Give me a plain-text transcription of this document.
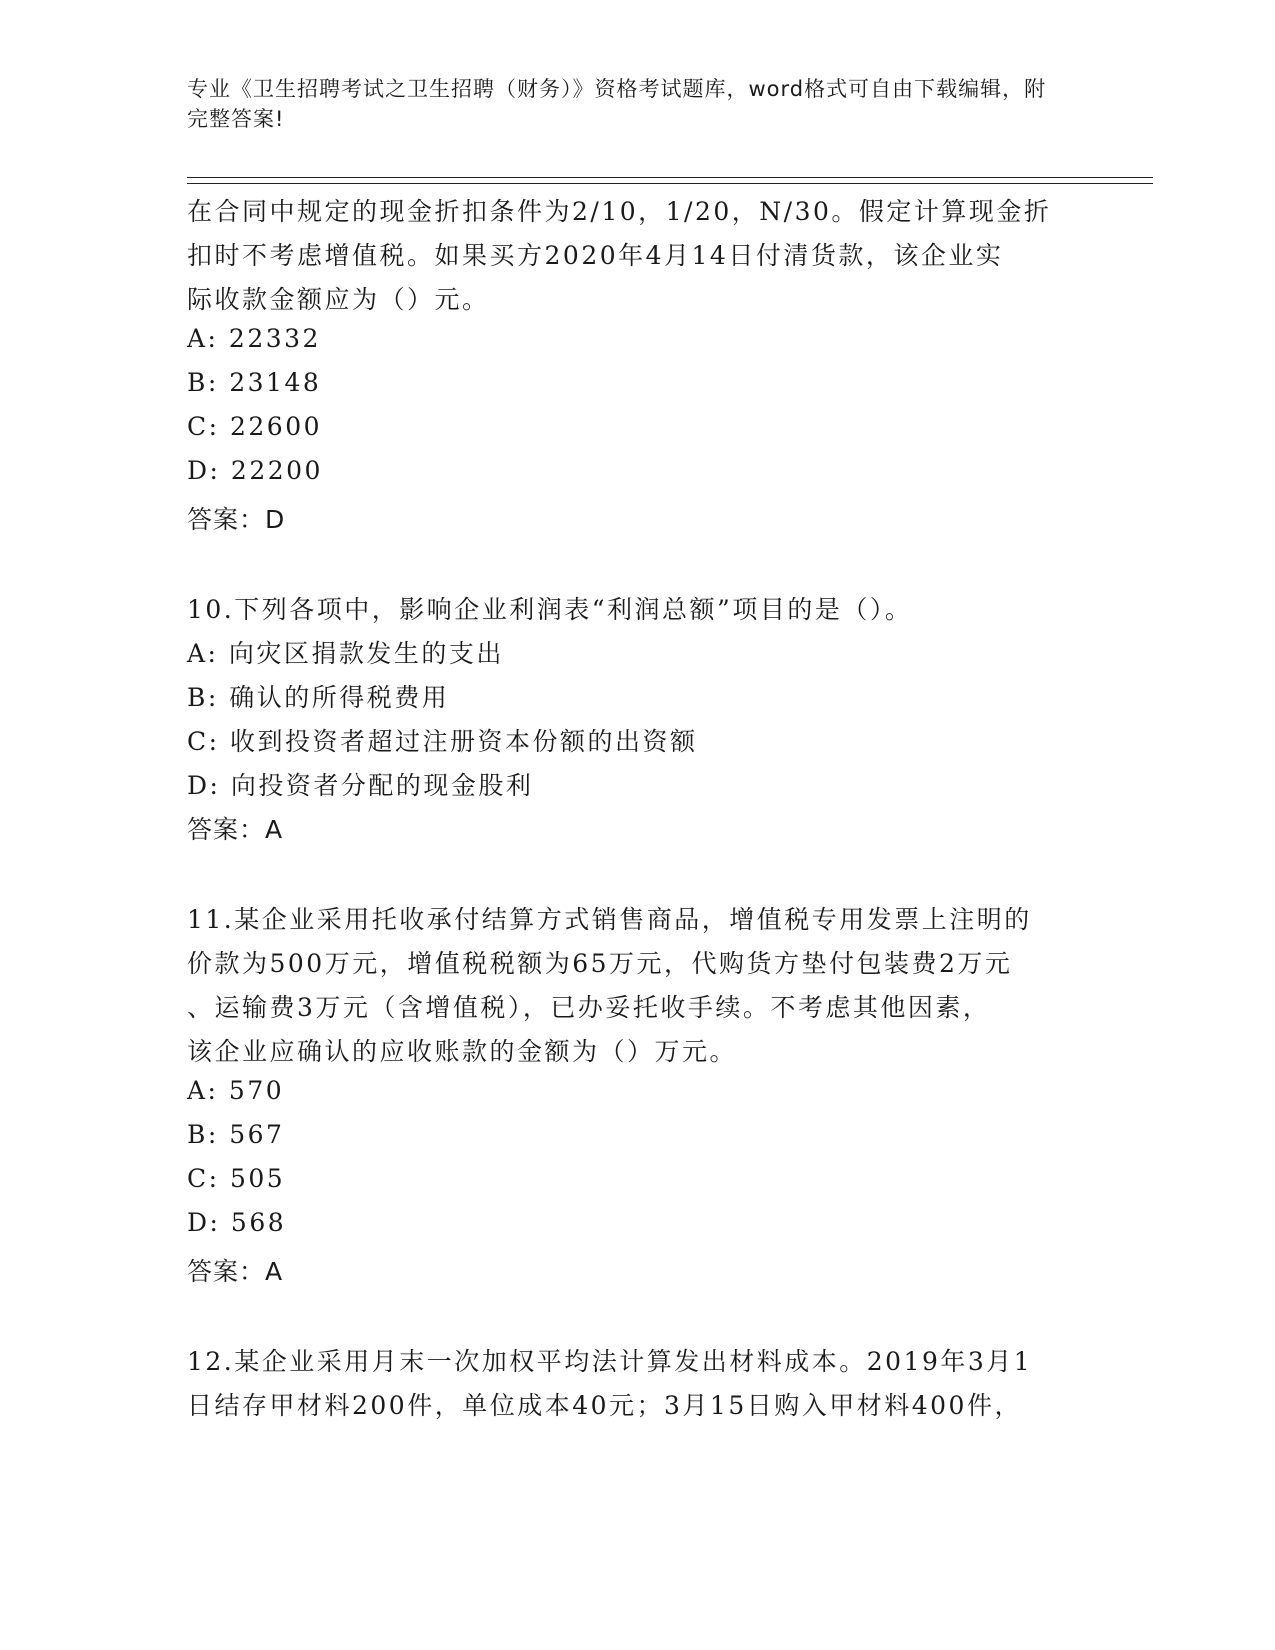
专业《卫生招聘考试之卫生招聘（财务）》资格考试题库，word格式可自由下载编辑，附完整答案!
在合同中规定的现金折扣条件为2/10，1/20，N/30。假定计算现金折
扣时不考虑增值税。如果买方2020年4月14日付清货款，该企业实
际收款金额应为（）元。
A: 22332
B: 23148
C: 22600
D: 22200
答案：D
10.下列各项中，影响企业利润表“利润总额”项目的是（）。
A: 向灾区捐款发生的支出
B: 确认的所得税费用
C: 收到投资者超过注册资本份额的出资额
D: 向投资者分配的现金股利
答案：A
11.某企业采用托收承付结算方式销售商品，增值税专用发票上注明的
价款为500万元，增值税税额为65万元，代购货方垫付包装费2万元
、运输费3万元（含增值税），已办妥托收手续。不考虑其他因素，
该企业应确认的应收账款的金额为（）万元。
A: 570
B: 567
C: 505
D: 568
答案：A
12.某企业采用月末一次加权平均法计算发出材料成本。2019年3月1
日结存甲材料200件，单位成本40元；3月15日购入甲材料400件，
